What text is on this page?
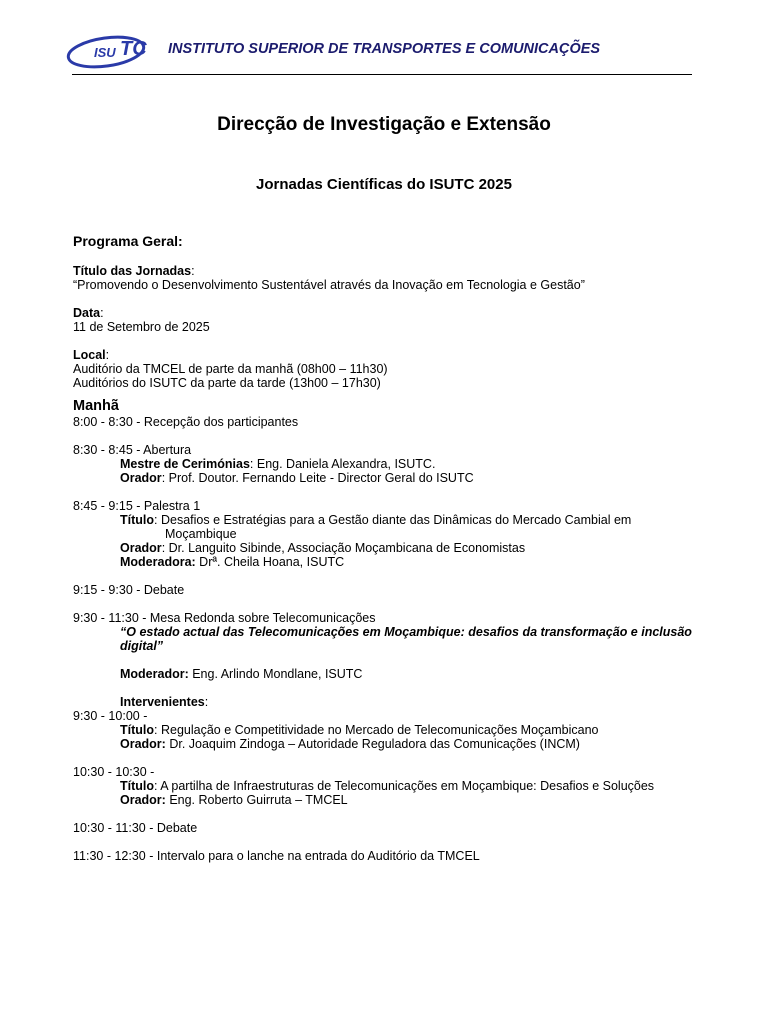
ISU TC INSTITUTO SUPERIOR DE TRANSPORTES E COMUNICAÇÕES
Direcção de Investigação e Extensão
Jornadas Científicas do ISUTC 2025
Programa Geral:
Título das Jornadas:
“Promovendo o Desenvolvimento Sustentável através da Inovação em Tecnologia e Gestão”
Data:
11 de Setembro de 2025
Local:
Auditório da TMCEL de parte da manhã (08h00 – 11h30)
Auditórios do ISUTC da parte da tarde (13h00 – 17h30)
Manhã
8:00 - 8:30 - Recepção dos participantes
8:30 - 8:45 - Abertura
Mestre de Cerimónias: Eng. Daniela Alexandra, ISUTC.
Orador: Prof. Doutor. Fernando Leite - Director Geral do ISUTC
8:45 - 9:15 - Palestra 1
Título: Desafios e Estratégias para a Gestão diante das Dinâmicas do Mercado Cambial em
Moçambique
Orador: Dr. Languito Sibinde, Associação Moçambicana de Economistas
Moderadora: Drª. Cheila Hoana, ISUTC
9:15 - 9:30 - Debate
9:30 - 11:30 - Mesa Redonda sobre Telecomunicações
“O estado actual das Telecomunicações em Moçambique: desafios da transformação e inclusão digital”
Moderador: Eng. Arlindo Mondlane, ISUTC
Intervenientes:
9:30 - 10:00 -
Título: Regulação e Competitividade no Mercado de Telecomunicações Moçambicano
Orador: Dr. Joaquim Zindoga – Autoridade Reguladora das Comunicações (INCM)
10:30 - 10:30 -
Título: A partilha de Infraestruturas de Telecomunicações em Moçambique: Desafios e Soluções
Orador: Eng. Roberto Guirruta – TMCEL
10:30 - 11:30 - Debate
11:30 - 12:30 - Intervalo para o lanche na entrada do Auditório da TMCEL
